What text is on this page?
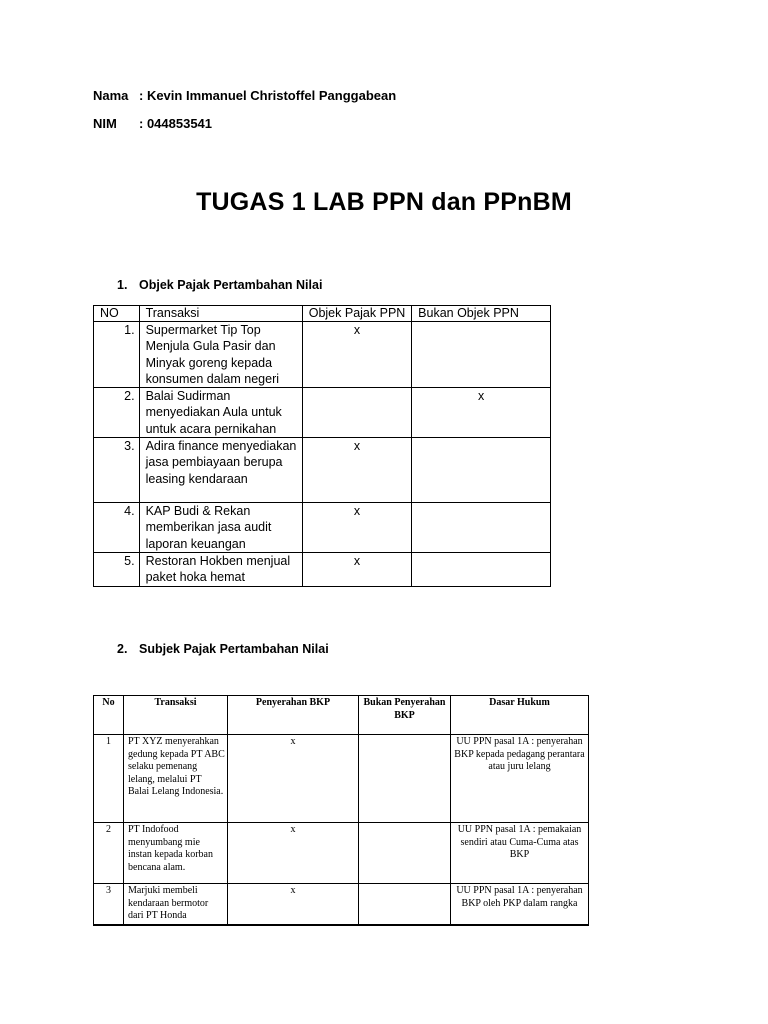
Nama : Kevin Immanuel Christoffel Panggabean
NIM : 044853541
TUGAS 1 LAB PPN dan PPnBM
1. Objek Pajak Pertambahan Nilai
NO	Transaksi	Objek Pajak PPN	Bukan Objek PPN
1.	Supermarket Tip Top Menjula Gula Pasir dan Minyak goreng kepada konsumen dalam negeri	x	
2.	Balai Sudirman menyediakan Aula untuk untuk acara pernikahan		x
3.	Adira finance menyediakan jasa pembiayaan berupa leasing kendaraan	x	
4.	KAP Budi & Rekan memberikan jasa audit laporan keuangan	x	
5.	Restoran Hokben menjual paket hoka hemat	x	
2. Subjek Pajak Pertambahan Nilai
No	Transaksi	Penyerahan BKP	Bukan Penyerahan BKP	Dasar Hukum
1	PT XYZ menyerahkan gedung kepada PT ABC selaku pemenang lelang, melalui PT Balai Lelang Indonesia.	x		UU PPN pasal 1A : penyerahan BKP kepada pedagang perantara atau juru lelang
2	PT Indofood menyumbang mie instan kepada korban bencana alam.	x		UU PPN pasal 1A : pemakaian sendiri atau Cuma-Cuma atas BKP
3	Marjuki membeli kendaraan bermotor dari PT Honda	x		UU PPN pasal 1A : penyerahan BKP oleh PKP dalam rangka
